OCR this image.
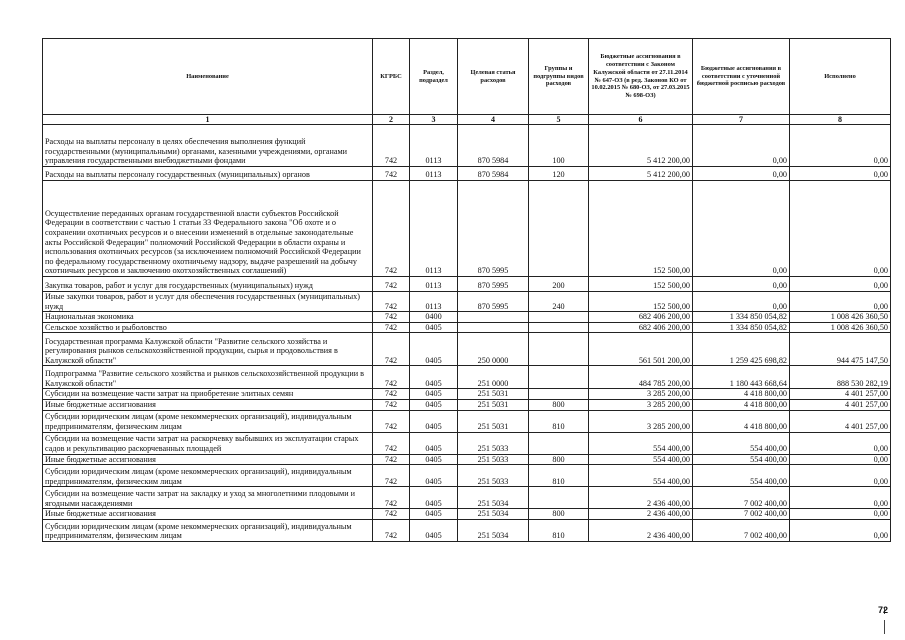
Наименование	КГРБС	Раздел, подраздел	Целевая статья расходов	Группы и подгруппы видов расходов	Бюджетные ассигнования в соответствии с Законом Калужской области от 27.11.2014 № 647-ОЗ (в ред. Законов КО от 10.02.2015 № 680-ОЗ, от 27.03.2015 № 698-ОЗ)	Бюджетные ассигнования в соответствии с уточненной бюджетной росписью расходов	Исполнено
1	2	3	4	5	6	7	8
Расходы на выплаты персоналу в целях обеспечения выполнения функций государственными (муниципальными) органами, казенными учреждениями, органами управления государственными внебюджетными фондами	742	0113	870 5984	100	5 412 200,00	0,00	0,00
Расходы на выплаты персоналу государственных (муниципальных) органов	742	0113	870 5984	120	5 412 200,00	0,00	0,00
Осуществление переданных органам государственной власти субъектов Российской Федерации в соответствии с частью 1 статьи 33 Федерального закона "Об охоте и о сохранении охотничьих ресурсов и о внесении изменений в отдельные законодательные акты Российской Федерации" полномочий Российской Федерации в области охраны и использования охотничьих ресурсов (за исключением полномочий Российской Федерации по федеральному государственному охотничьему надзору, выдаче разрешений на добычу охотничьих ресурсов и заключению охотхозяйственных соглашений)	742	0113	870 5995		152 500,00	0,00	0,00
Закупка товаров, работ и услуг для государственных (муниципальных) нужд	742	0113	870 5995	200	152 500,00	0,00	0,00
Иные закупки товаров, работ и услуг для обеспечения государственных (муниципальных) нужд	742	0113	870 5995	240	152 500,00	0,00	0,00
Национальная экономика	742	0400			682 406 200,00	1 334 850 054,82	1 008 426 360,50
Сельское хозяйство и рыболовство	742	0405			682 406 200,00	1 334 850 054,82	1 008 426 360,50
Государственная программа Калужской области "Развитие сельского хозяйства и регулирования рынков сельскохозяйственной продукции, сырья и продовольствия в Калужской области"	742	0405	250 0000		561 501 200,00	1 259 425 698,82	944 475 147,50
Подпрограмма "Развитие сельского хозяйства и рынков сельскохозяйственной продукции в Калужской области"	742	0405	251 0000		484 785 200,00	1 180 443 668,64	888 530 282,19
Субсидии на возмещение части затрат на приобретение элитных семян	742	0405	251 5031		3 285 200,00	4 418 800,00	4 401 257,00
Иные бюджетные ассигнования	742	0405	251 5031	800	3 285 200,00	4 418 800,00	4 401 257,00
Субсидии юридическим лицам (кроме некоммерческих организаций), индивидуальным предпринимателям, физическим лицам	742	0405	251 5031	810	3 285 200,00	4 418 800,00	4 401 257,00
Субсидии на возмещение части затрат на раскорчевку выбывших из эксплуатации старых садов и рекультивацию раскорчеванных площадей	742	0405	251 5033		554 400,00	554 400,00	0,00
Иные бюджетные ассигнования	742	0405	251 5033	800	554 400,00	554 400,00	0,00
Субсидии юридическим лицам (кроме некоммерческих организаций), индивидуальным предпринимателям, физическим лицам	742	0405	251 5033	810	554 400,00	554 400,00	0,00
Субсидии на возмещение части затрат на закладку и уход за многолетними плодовыми и ягодными насаждениями	742	0405	251 5034		2 436 400,00	7 002 400,00	0,00
Иные бюджетные ассигнования	742	0405	251 5034	800	2 436 400,00	7 002 400,00	0,00
Субсидии юридическим лицам (кроме некоммерческих организаций), индивидуальным предпринимателям, физическим лицам	742	0405	251 5034	810	2 436 400,00	7 002 400,00	0,00
72
